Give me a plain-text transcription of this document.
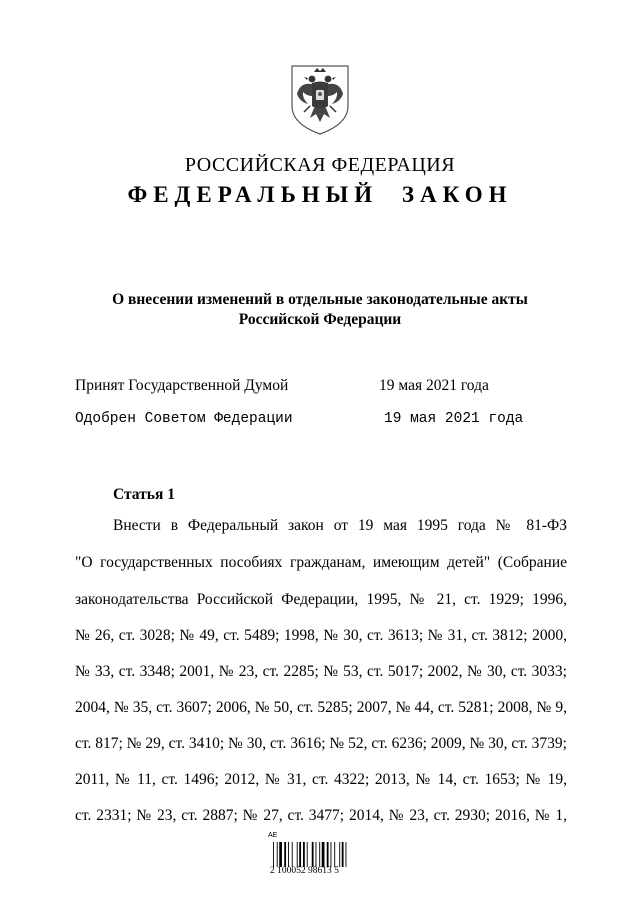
РОССИЙСКАЯ ФЕДЕРАЦИЯ
ФЕДЕРАЛЬНЫЙ ЗАКОН
О внесении изменений в отдельные законодательные акты
Российской Федерации
Принят Государственной Думой	19 мая 2021 года
Одобрен Советом Федерации	19 мая 2021 года
Статья 1
Внести в Федеральный закон от 19 мая 1995 года № 81-ФЗ
"О государственных пособиях гражданам, имеющим детей" (Собрание
законодательства Российской Федерации, 1995, № 21, ст. 1929; 1996,
№ 26, ст. 3028; № 49, ст. 5489; 1998, № 30, ст. 3613; № 31, ст. 3812; 2000,
№ 33, ст. 3348; 2001, № 23, ст. 2285; № 53, ст. 5017; 2002, № 30, ст. 3033;
2004, № 35, ст. 3607; 2006, № 50, ст. 5285; 2007, № 44, ст. 5281; 2008, № 9,
ст. 817; № 29, ст. 3410; № 30, ст. 3616; № 52, ст. 6236; 2009, № 30, ст. 3739;
2011, № 11, ст. 1496; 2012, № 31, ст. 4322; 2013, № 14, ст. 1653; № 19,
ст. 2331; № 23, ст. 2887; № 27, ст. 3477; 2014, № 23, ст. 2930; 2016, № 1,
AE
2 100052 98613 5
